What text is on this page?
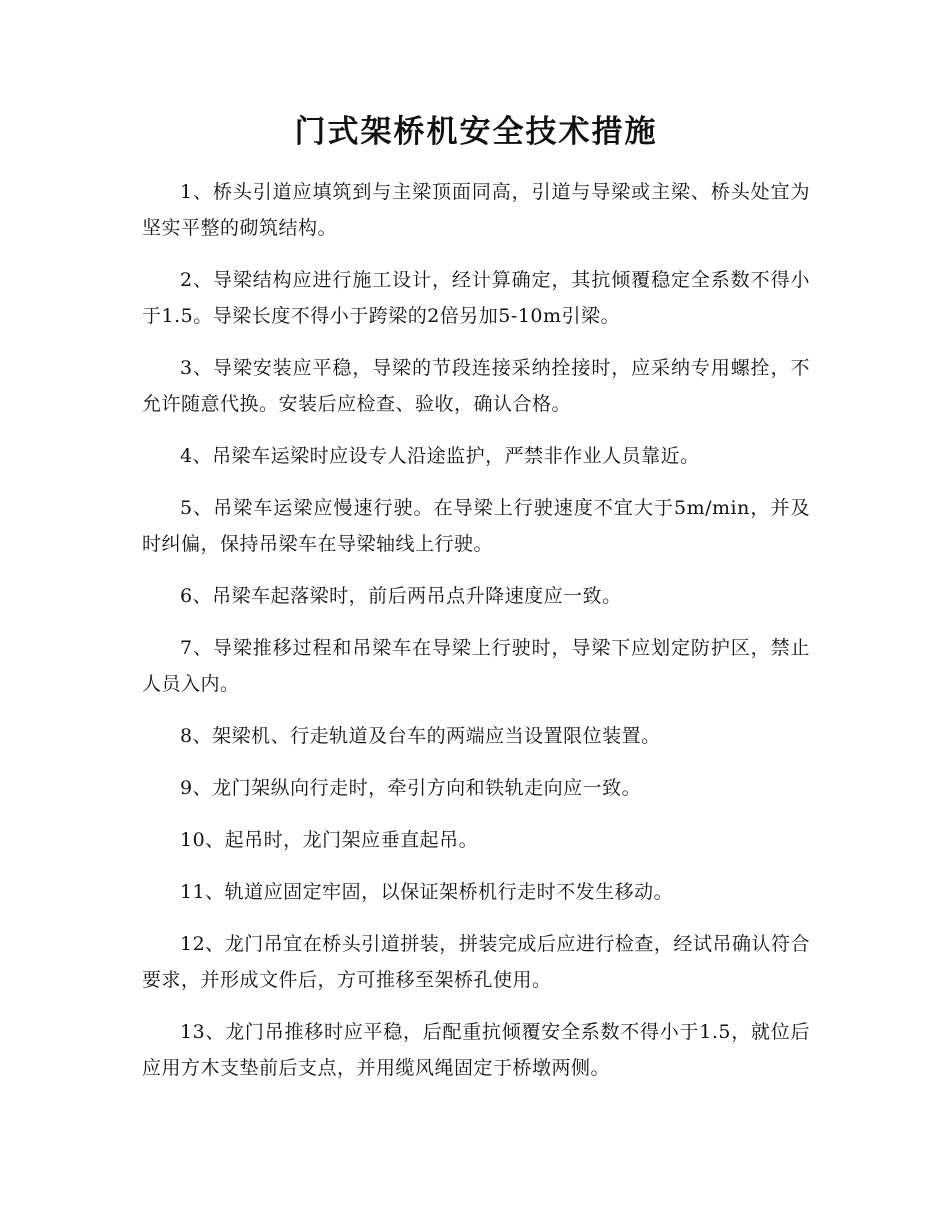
门式架桥机安全技术措施

1、桥头引道应填筑到与主梁顶面同高，引道与导梁或主梁、桥头处宜为坚实平整的砌筑结构。

2、导梁结构应进行施工设计，经计算确定，其抗倾覆稳定全系数不得小于1.5。导梁长度不得小于跨梁的2倍另加5-10m引梁。

3、导梁安装应平稳，导梁的节段连接采纳拴接时，应采纳专用螺拴，不允许随意代换。安装后应检查、验收，确认合格。

4、吊梁车运梁时应设专人沿途监护，严禁非作业人员靠近。

5、吊梁车运梁应慢速行驶。在导梁上行驶速度不宜大于5m/min，并及时纠偏，保持吊梁车在导梁轴线上行驶。

6、吊梁车起落梁时，前后两吊点升降速度应一致。

7、导梁推移过程和吊梁车在导梁上行驶时，导梁下应划定防护区，禁止人员入内。

8、架梁机、行走轨道及台车的两端应当设置限位装置。

9、龙门架纵向行走时，牵引方向和铁轨走向应一致。

10、起吊时，龙门架应垂直起吊。

11、轨道应固定牢固，以保证架桥机行走时不发生移动。

12、龙门吊宜在桥头引道拼装，拼装完成后应进行检查，经试吊确认符合要求，并形成文件后，方可推移至架桥孔使用。

13、龙门吊推移时应平稳，后配重抗倾覆安全系数不得小于1.5，就位后应用方木支垫前后支点，并用缆风绳固定于桥墩两侧。
